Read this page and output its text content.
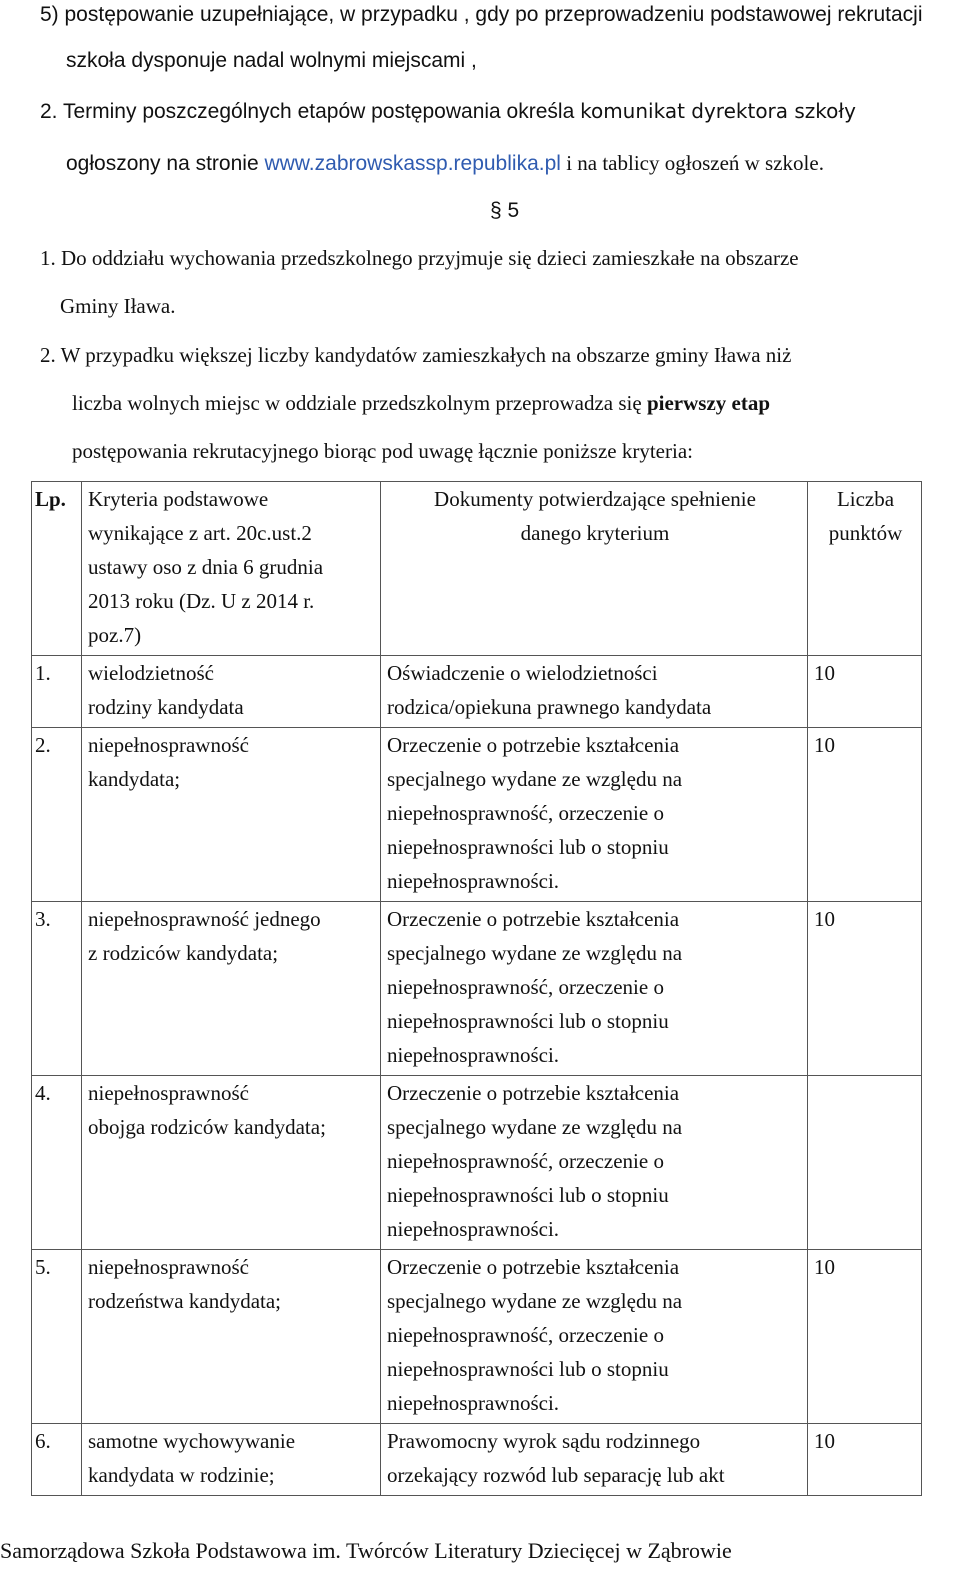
5) postępowanie uzupełniające, w przypadku , gdy po przeprowadzeniu podstawowej rekrutacji
szkoła dysponuje nadal wolnymi miejscami ,
2. Terminy poszczególnych etapów postępowania określa komunikat dyrektora szkoły
ogłoszony na stronie www.zabrowskassp.republika.pl i na tablicy ogłoszeń w szkole.
§ 5
1. Do oddziału wychowania przedszkolnego przyjmuje się dzieci zamieszkałe na obszarze
Gminy Iława.
2. W przypadku większej liczby kandydatów zamieszkałych na obszarze gminy Iława niż
liczba wolnych miejsc w oddziale przedszkolnym przeprowadza się pierwszy etap
postępowania rekrutacyjnego biorąc pod uwagę łącznie poniższe kryteria:
Lp.	Kryteria podstawowe
wynikające z art. 20c.ust.2
ustawy oso z dnia 6 grudnia
2013 roku (Dz. U z 2014 r.
poz.7)	Dokumenty potwierdzające spełnienie
danego kryterium	Liczba
punktów
1.	wielodzietność
rodziny kandydata	Oświadczenie o wielodzietności
rodzica/opiekuna prawnego kandydata	10
2.	niepełnosprawność
kandydata;	Orzeczenie o potrzebie kształcenia
specjalnego wydane ze względu na
niepełnosprawność, orzeczenie o
niepełnosprawności lub o stopniu
niepełnosprawności.	10
3.	niepełnosprawność jednego
z rodziców kandydata;	Orzeczenie o potrzebie kształcenia
specjalnego wydane ze względu na
niepełnosprawność, orzeczenie o
niepełnosprawności lub o stopniu
niepełnosprawności.	10
4.	niepełnosprawność
obojga rodziców kandydata;	Orzeczenie o potrzebie kształcenia
specjalnego wydane ze względu na
niepełnosprawność, orzeczenie o
niepełnosprawności lub o stopniu
niepełnosprawności.	
5.	niepełnosprawność
rodzeństwa kandydata;	Orzeczenie o potrzebie kształcenia
specjalnego wydane ze względu na
niepełnosprawność, orzeczenie o
niepełnosprawności lub o stopniu
niepełnosprawności.	10
6.	samotne wychowywanie
kandydata w rodzinie;	Prawomocny wyrok sądu rodzinnego
orzekający rozwód lub separację lub akt	10
Samorządowa Szkoła Podstawowa im. Twórców Literatury Dziecięcej w Ząbrowie
